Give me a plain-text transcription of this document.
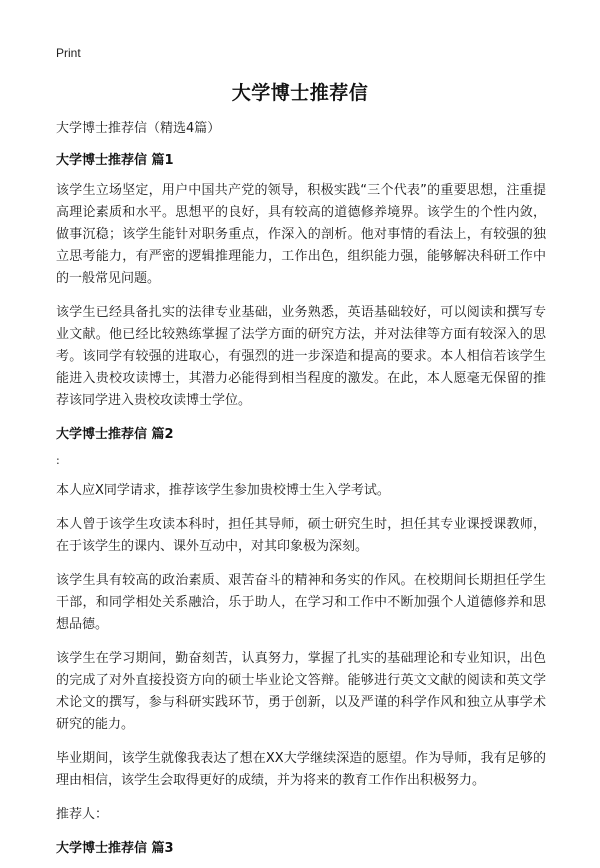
Print
大学博士推荐信

大学博士推荐信（精选4篇）

大学博士推荐信 篇1

该学生立场坚定，用户中国共产党的领导，积极实践“三个代表”的重要思想，注重提高理论素质和水平。思想平的良好，具有较高的道德修养境界。该学生的个性内敛，做事沉稳；该学生能针对职务重点，作深入的剖析。他对事情的看法上，有较强的独立思考能力，有严密的逻辑推理能力，工作出色，组织能力强，能够解决科研工作中的一般常见问题。

该学生已经具备扎实的法律专业基础，业务熟悉，英语基础较好，可以阅读和撰写专业文献。他已经比较熟练掌握了法学方面的研究方法，并对法律等方面有较深入的思考。该同学有较强的进取心，有强烈的进一步深造和提高的要求。本人相信若该学生能进入贵校攻读博士，其潜力必能得到相当程度的激发。在此，本人愿毫无保留的推荐该同学进入贵校攻读博士学位。

大学博士推荐信 篇2

:

本人应X同学请求，推荐该学生参加贵校博士生入学考试。

本人曾于该学生攻读本科时，担任其导师，硕士研究生时，担任其专业课授课教师，在于该学生的课内、课外互动中，对其印象极为深刻。

该学生具有较高的政治素质、艰苦奋斗的精神和务实的作风。在校期间长期担任学生干部，和同学相处关系融洽，乐于助人，在学习和工作中不断加强个人道德修养和思想品德。

该学生在学习期间，勤奋刻苦，认真努力，掌握了扎实的基础理论和专业知识，出色的完成了对外直接投资方向的硕士毕业论文答辩。能够进行英文文献的阅读和英文学术论文的撰写，参与科研实践环节，勇于创新，以及严谨的科学作风和独立从事学术研究的能力。

毕业期间，该学生就像我表达了想在XX大学继续深造的愿望。作为导师，我有足够的理由相信，该学生会取得更好的成绩，并为将来的教育工作作出积极努力。

推荐人：

大学博士推荐信 篇3
